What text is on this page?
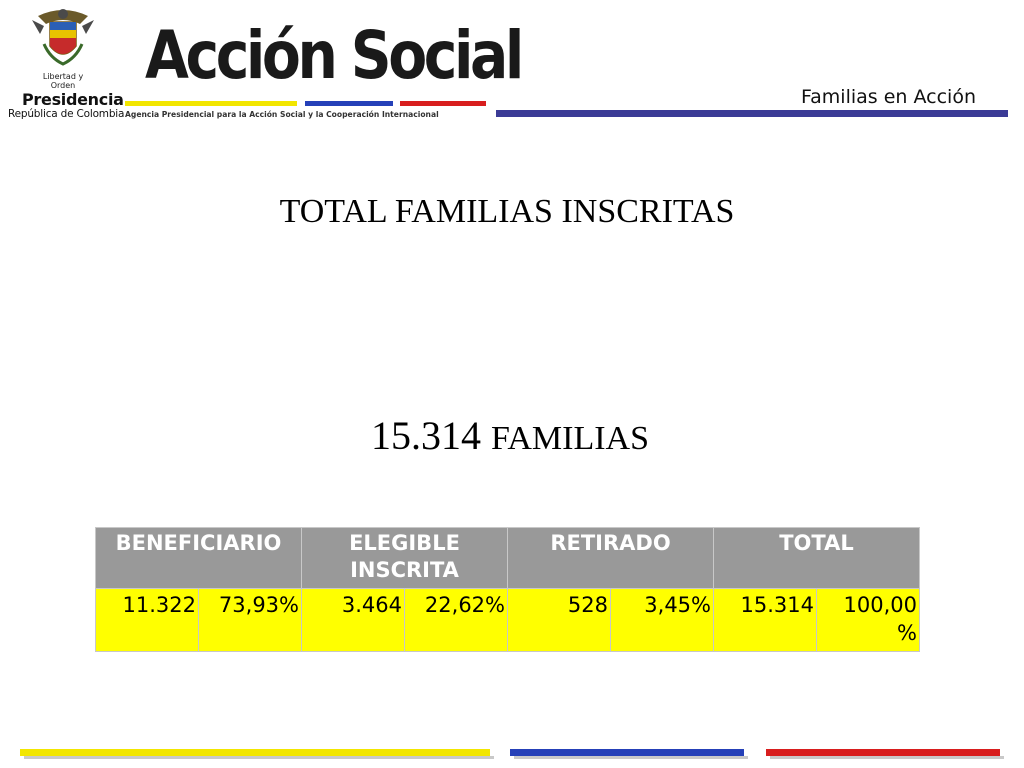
Libertad y Orden
Presidencia
República de Colombia
Acción Social
Agencia Presidencial para la Acción Social y la Cooperación Internacional
Familias en Acción
TOTAL FAMILIAS INSCRITAS
15.314 FAMILIAS
BENEFICIARIO		ELEGIBLE INSCRITA		RETIRADO		TOTAL	
11.322	73,93%	3.464	22,62%	528	3,45%	15.314	100,00 %
